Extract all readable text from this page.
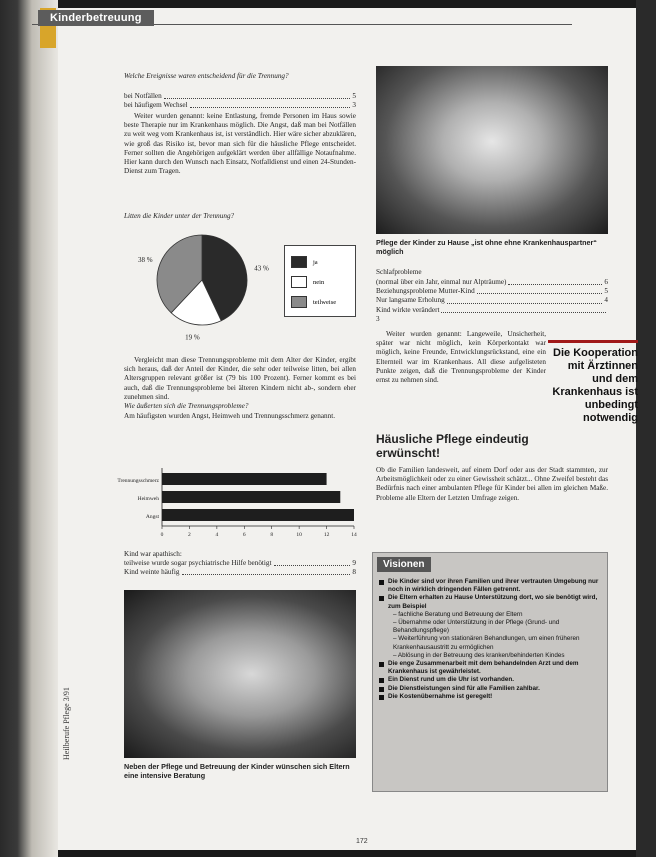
Kinderbetreuung
Heilberufe Pflege 3/91
Welche Ereignisse waren entscheidend für die Trennung?
bei Notfällen	5
bei häufigem Wechsel	3
Weiter wurden genannt: keine Entlastung, fremde Personen im Haus sowie beste Therapie nur im Krankenhaus möglich. Die Angst, daß man bei Notfällen zu weit weg vom Krankenhaus ist, ist verständlich. Hier wäre sicher abzuklären, wie groß das Risiko ist, bevor man sich für die häusliche Pflege entscheidet. Ferner sollten die Angehörigen aufgeklärt werden über allfällige Notaufnahme. Hier kann durch den Wunsch nach Einsatz, Notfalldienst und einen 24-Stunden-Dienst zum Tragen.
Litten die Kinder unter der Trennung?
43 %
19 %
38 %	ja
nein
teilweise
Vergleicht man diese Trennungsprobleme mit dem Alter der Kinder, ergibt sich heraus, daß der Anteil der Kinder, die sehr oder teilweise litten, bei allen Altersgruppen relevant größer ist (79 bis 100 Prozent). Ferner kommt es bei auch, daß die Trennungsprobleme bei älteren Kindern nicht ab-, sondern eher zunehmen sind.
Wie äußerten sich die Trennungsprobleme?
Am häufigsten wurden Angst, Heimweh und Trennungsschmerz genannt.
Trennungsschmerz
Heimweh
Angst
0	2	4	6	8	10	12	14
Kind war apathisch:
teilweise wurde sogar psychiatrische Hilfe benötigt	9
Kind weinte häufig	8
Neben der Pflege und Betreuung der Kinder wünschen sich Eltern eine intensive Beratung
Pflege der Kinder zu Hause „ist ohne ehne Krankenhauspartner“ möglich
Schlafprobleme
(normal über ein Jahr, einmal nur Alpträume)	6
Beziehungsprobleme Mutter-Kind	5
Nur langsame Erholung	4
Kind wirkte verändert
3
Weiter wurden genannt: Langeweile, Unsicherheit, später war nicht möglich, kein Körperkontakt war möglich, keine Freunde, Entwicklungsrückstand, eine ein Elternteil war im Krankenhaus. All diese aufgelisteten Punkte zeigen, daß die Trennungsprobleme der Kinder ernst zu nehmen sind.
Die Kooperation mit Ärztinnen und dem Krankenhaus ist unbedingt notwendig
Häusliche Pflege eindeutig erwünscht!
Ob die Familien landesweit, auf einem Dorf oder aus der Stadt stammten, zur Arbeitsmöglichkeit oder zu einer Gewissheit schätzt... Ohne Zweifel besteht das Bedürfnis nach einer ambulanten Pflege für Kinder bei allen im gleichen Maße. Probleme alle Eltern der Letzten Umfrage zeigen.
Visionen
Die Kinder sind vor ihren Familien und ihrer vertrauten Umgebung nur noch in wirklich dringenden Fällen getrennt.
Die Eltern erhalten zu Hause Unterstützung dort, wo sie benötigt wird, zum Beispiel
– fachliche Beratung und Betreuung der Eltern
– Übernahme oder Unterstützung in der Pflege (Grund- und Behandlungspflege)
– Weiterführung von stationären Behandlungen, um einen früheren Krankenhausaustritt zu ermöglichen
– Ablösung in der Betreuung des kranken/behinderten Kindes
Die enge Zusammenarbeit mit dem behandelnden Arzt und dem Krankenhaus ist gewährleistet.
Ein Dienst rund um die Uhr ist vorhanden.
Die Dienstleistungen sind für alle Familien zahlbar.
Die Kostenübernahme ist geregelt!
172
